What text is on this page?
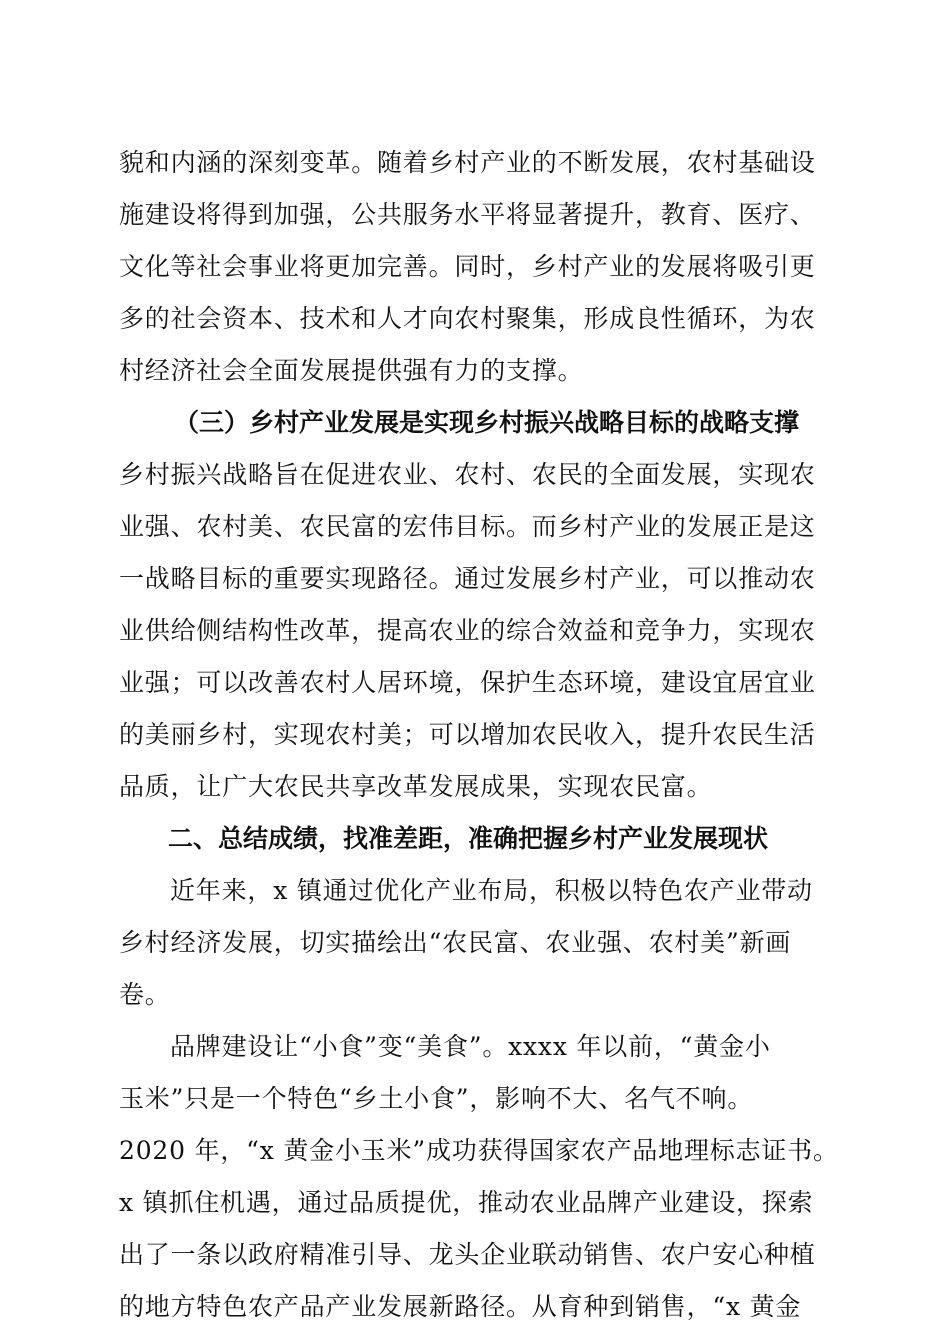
貌和内涵的深刻变革。随着乡村产业的不断发展，农村基础设
施建设将得到加强，公共服务水平将显著提升，教育、医疗、
文化等社会事业将更加完善。同时，乡村产业的发展将吸引更
多的社会资本、技术和人才向农村聚集，形成良性循环，为农
村经济社会全面发展提供强有力的支撑。
（三）乡村产业发展是实现乡村振兴战略目标的战略支撑
乡村振兴战略旨在促进农业、农村、农民的全面发展，实现农
业强、农村美、农民富的宏伟目标。而乡村产业的发展正是这
一战略目标的重要实现路径。通过发展乡村产业，可以推动农
业供给侧结构性改革，提高农业的综合效益和竞争力，实现农
业强；可以改善农村人居环境，保护生态环境，建设宜居宜业
的美丽乡村，实现农村美；可以增加农民收入，提升农民生活
品质，让广大农民共享改革发展成果，实现农民富。
二、总结成绩，找准差距，准确把握乡村产业发展现状
近年来，x 镇通过优化产业布局，积极以特色农产业带动
乡村经济发展，切实描绘出“农民富、农业强、农村美”新画
卷。
品牌建设让“小食”变“美食”。xxxx 年以前，“黄金小
玉米”只是一个特色“乡土小食”，影响不大、名气不响。
2020 年，“x 黄金小玉米”成功获得国家农产品地理标志证书。
x 镇抓住机遇，通过品质提优，推动农业品牌产业建设，探索
出了一条以政府精准引导、龙头企业联动销售、农户安心种植
的地方特色农产品产业发展新路径。从育种到销售，“x 黄金
